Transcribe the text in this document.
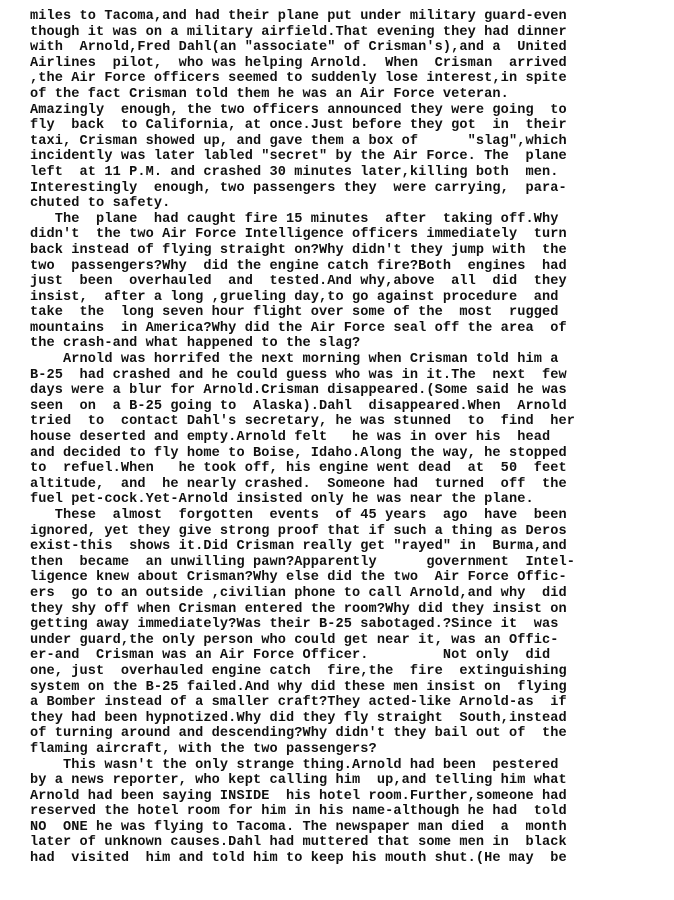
miles to Tacoma,and had their plane put under military guard-even
though it was on a military airfield.That evening they had dinner
with  Arnold,Fred Dahl(an "associate" of Crisman's),and a  United
Airlines  pilot,  who was helping Arnold.  When  Crisman  arrived
,the Air Force officers seemed to suddenly lose interest,in spite
of the fact Crisman told them he was an Air Force veteran.
Amazingly  enough, the two officers announced they were going  to
fly  back  to California, at once.Just before they got  in  their
taxi, Crisman showed up, and gave them a box of      "slag",which
incidently was later labled "secret" by the Air Force. The  plane
left  at 11 P.M. and crashed 30 minutes later,killing both  men.
Interestingly  enough, two passengers they  were carrying,  para-
chuted to safety.
The  plane  had caught fire 15 minutes  after  taking off.Why
didn't  the two Air Force Intelligence officers immediately  turn
back instead of flying straight on?Why didn't they jump with  the
two  passengers?Why  did the engine catch fire?Both  engines  had
just  been  overhauled  and  tested.And why,above  all  did  they
insist,  after a long ,grueling day,to go against procedure  and
take  the  long seven hour flight over some of the  most  rugged
mountains  in America?Why did the Air Force seal off the area  of
the crash-and what happened to the slag?
Arnold was horrifed the next morning when Crisman told him a
B-25  had crashed and he could guess who was in it.The  next  few
days were a blur for Arnold.Crisman disappeared.(Some said he was
seen  on  a B-25 going to  Alaska).Dahl  disappeared.When  Arnold
tried  to  contact Dahl's secretary, he was stunned  to  find  her
house deserted and empty.Arnold felt   he was in over his  head
and decided to fly home to Boise, Idaho.Along the way, he stopped
to  refuel.When   he took off, his engine went dead  at  50  feet
altitude,  and  he nearly crashed.  Someone had  turned  off  the
fuel pet-cock.Yet-Arnold insisted only he was near the plane.
These  almost  forgotten  events  of 45 years  ago  have  been
ignored, yet they give strong proof that if such a thing as Deros
exist-this  shows it.Did Crisman really get "rayed" in  Burma,and
then  became  an unwilling pawn?Apparently      government  Intel-
ligence knew about Crisman?Why else did the two  Air Force Offic-
ers  go to an outside ,civilian phone to call Arnold,and why  did
they shy off when Crisman entered the room?Why did they insist on
getting away immediately?Was their B-25 sabotaged.?Since it  was
under guard,the only person who could get near it, was an Offic-
er-and  Crisman was an Air Force Officer.         Not only  did
one, just  overhauled engine catch  fire,the  fire  extinguishing
system on the B-25 failed.And why did these men insist on  flying
a Bomber instead of a smaller craft?They acted-like Arnold-as  if
they had been hypnotized.Why did they fly straight  South,instead
of turning around and descending?Why didn't they bail out of  the
flaming aircraft, with the two passengers?
This wasn't the only strange thing.Arnold had been  pestered
by a news reporter, who kept calling him  up,and telling him what
Arnold had been saying INSIDE  his hotel room.Further,someone had
reserved the hotel room for him in his name-although he had  told
NO  ONE he was flying to Tacoma. The newspaper man died  a  month
later of unknown causes.Dahl had muttered that some men in  black
had  visited  him and told him to keep his mouth shut.(He may  be
